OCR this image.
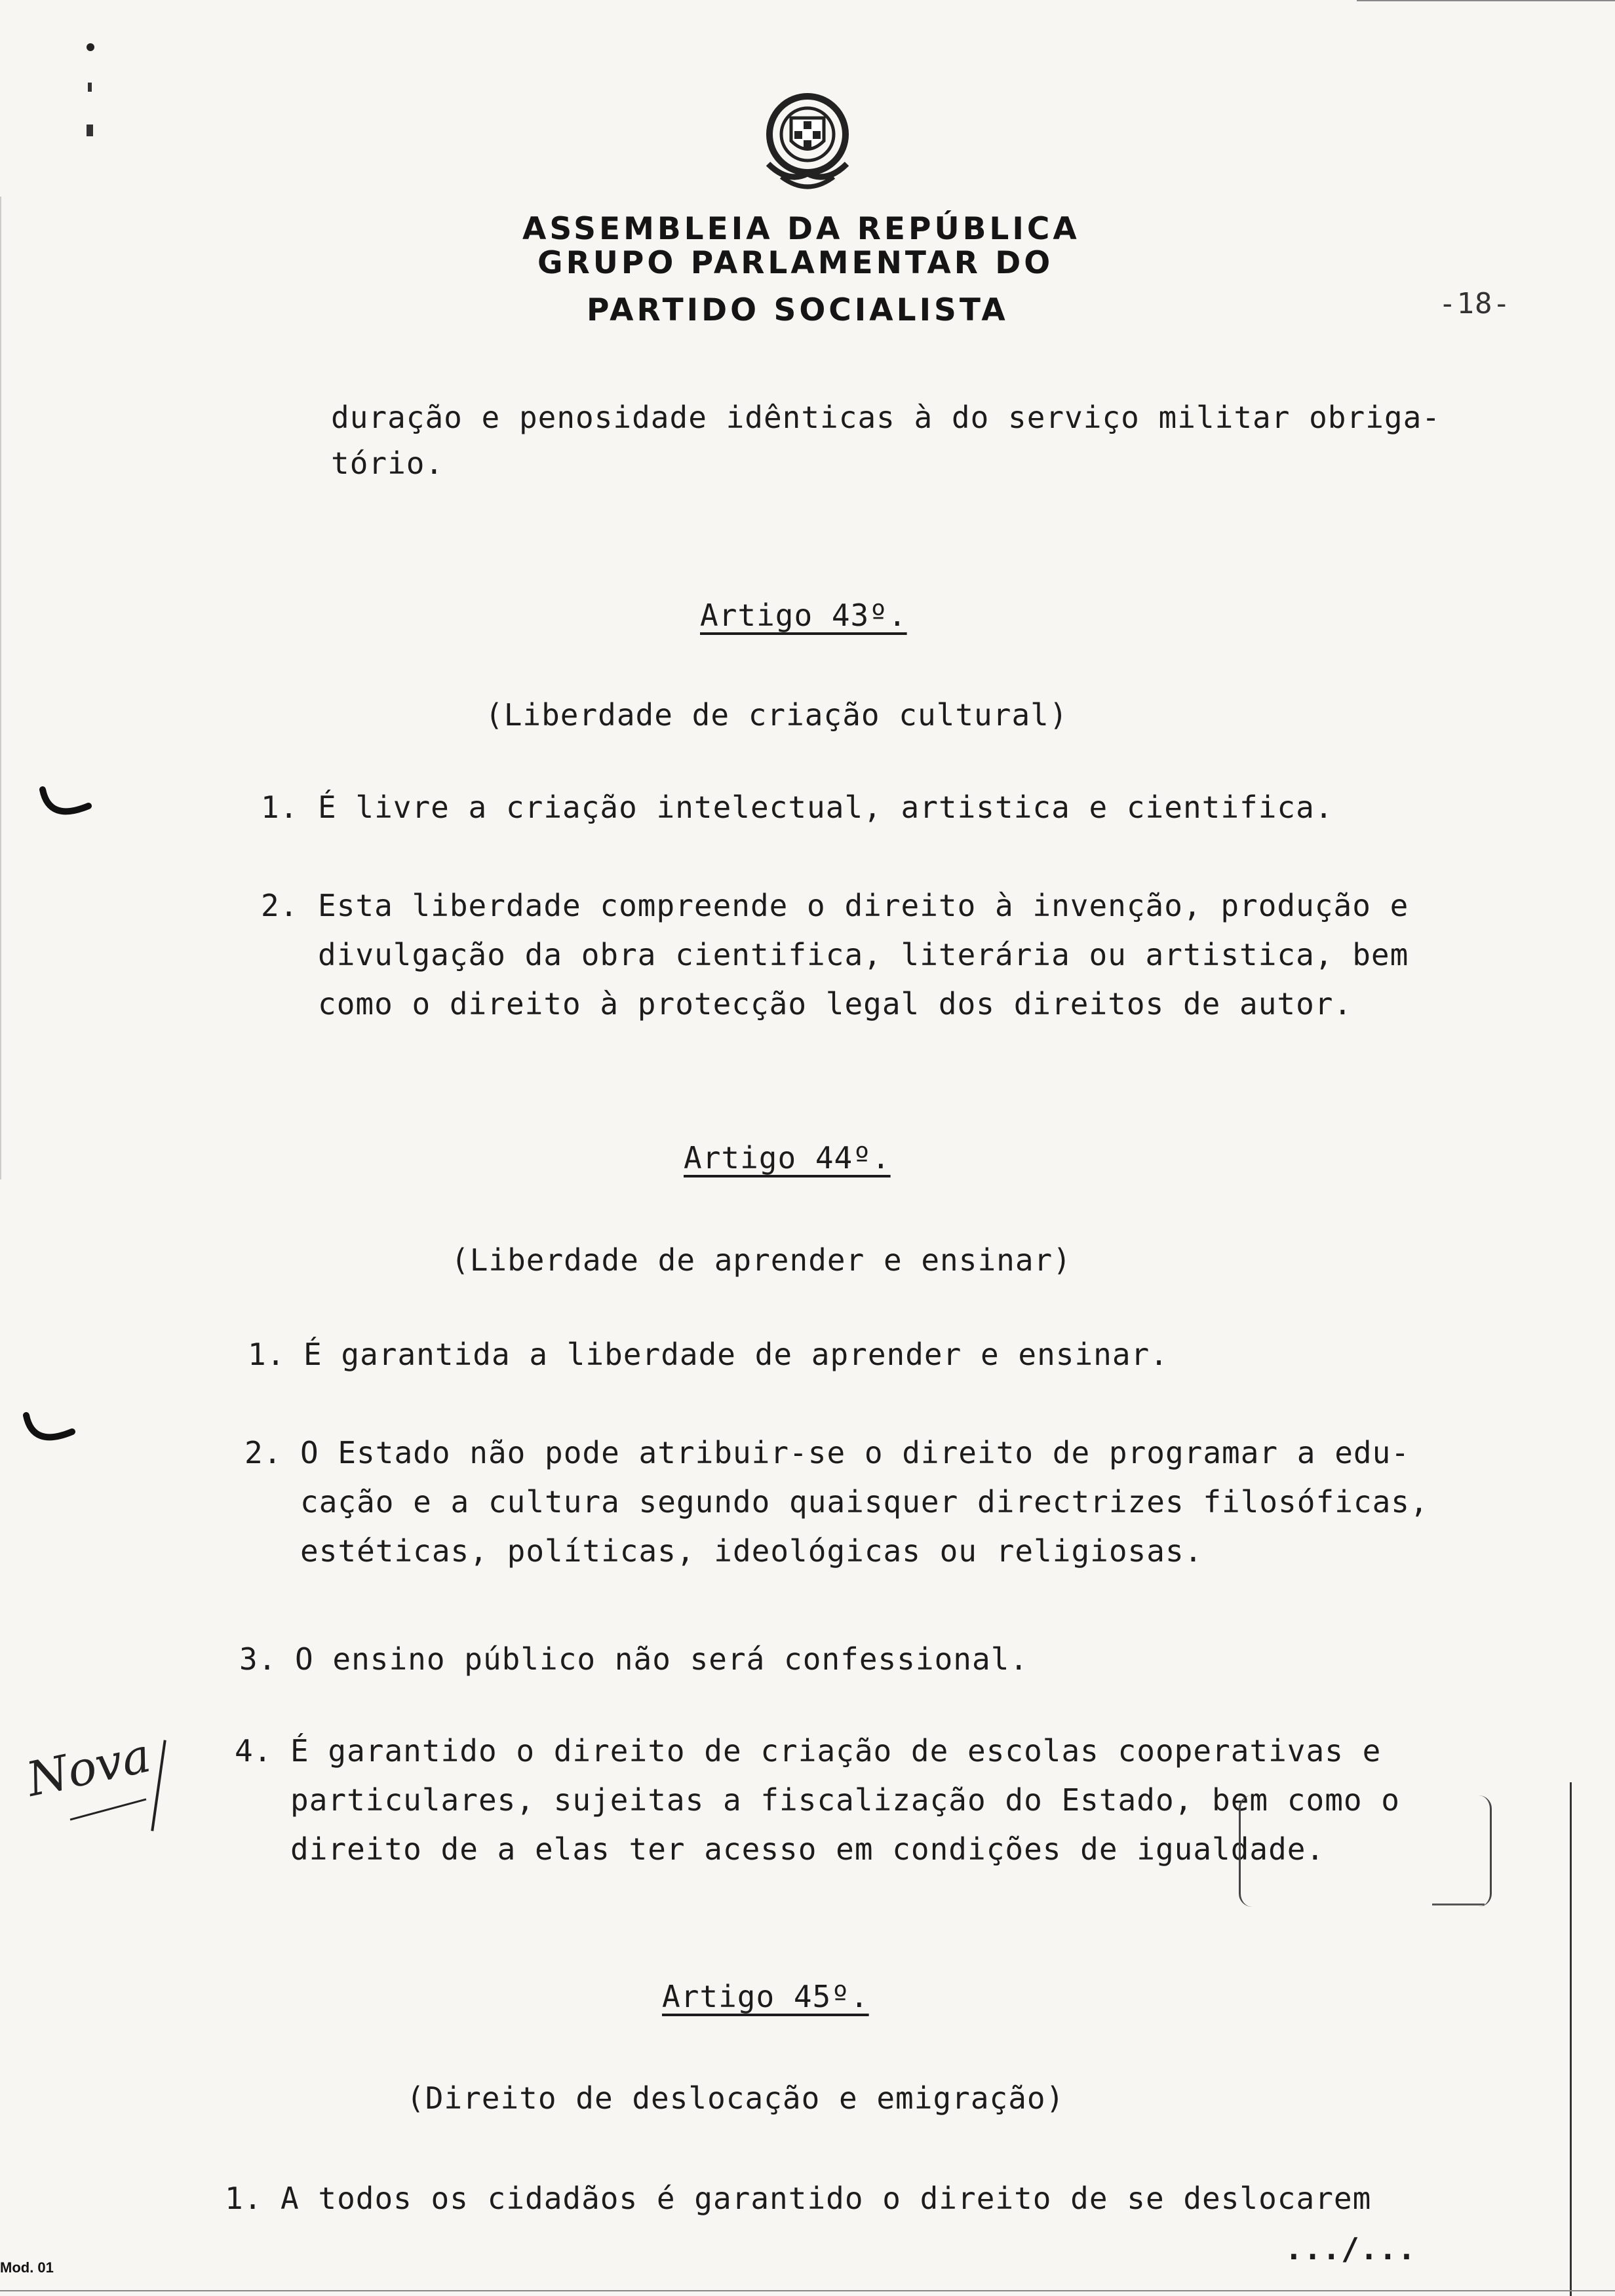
ASSEMBLEIA DA REPÚBLICA
GRUPO PARLAMENTAR DO
PARTIDO SOCIALISTA	-18-
duração e penosidade idênticas à do serviço militar obriga-
tório.
Artigo 43º.
(Liberdade de criação cultural)
1. É livre a criação intelectual, artistica e cientifica.
2. Esta liberdade compreende o direito à invenção, produção e
divulgação da obra cientifica, literária ou artistica, bem
como o direito à protecção legal dos direitos de autor.
Artigo 44º.
(Liberdade de aprender e ensinar)
1. É garantida a liberdade de aprender e ensinar.
2. O Estado não pode atribuir-se o direito de programar a edu-
cação e a cultura segundo quaisquer directrizes filosóficas,
estéticas, políticas, ideológicas ou religiosas.
3. O ensino público não será confessional.
4. É garantido o direito de criação de escolas cooperativas e
particulares, sujeitas a fiscalização do Estado, bem como o
direito de a elas ter acesso em condições de igualdade.
Artigo 45º.
(Direito de deslocação e emigração)
1. A todos os cidadãos é garantido o direito de se deslocarem
.../...
Nova
Mod. 01
